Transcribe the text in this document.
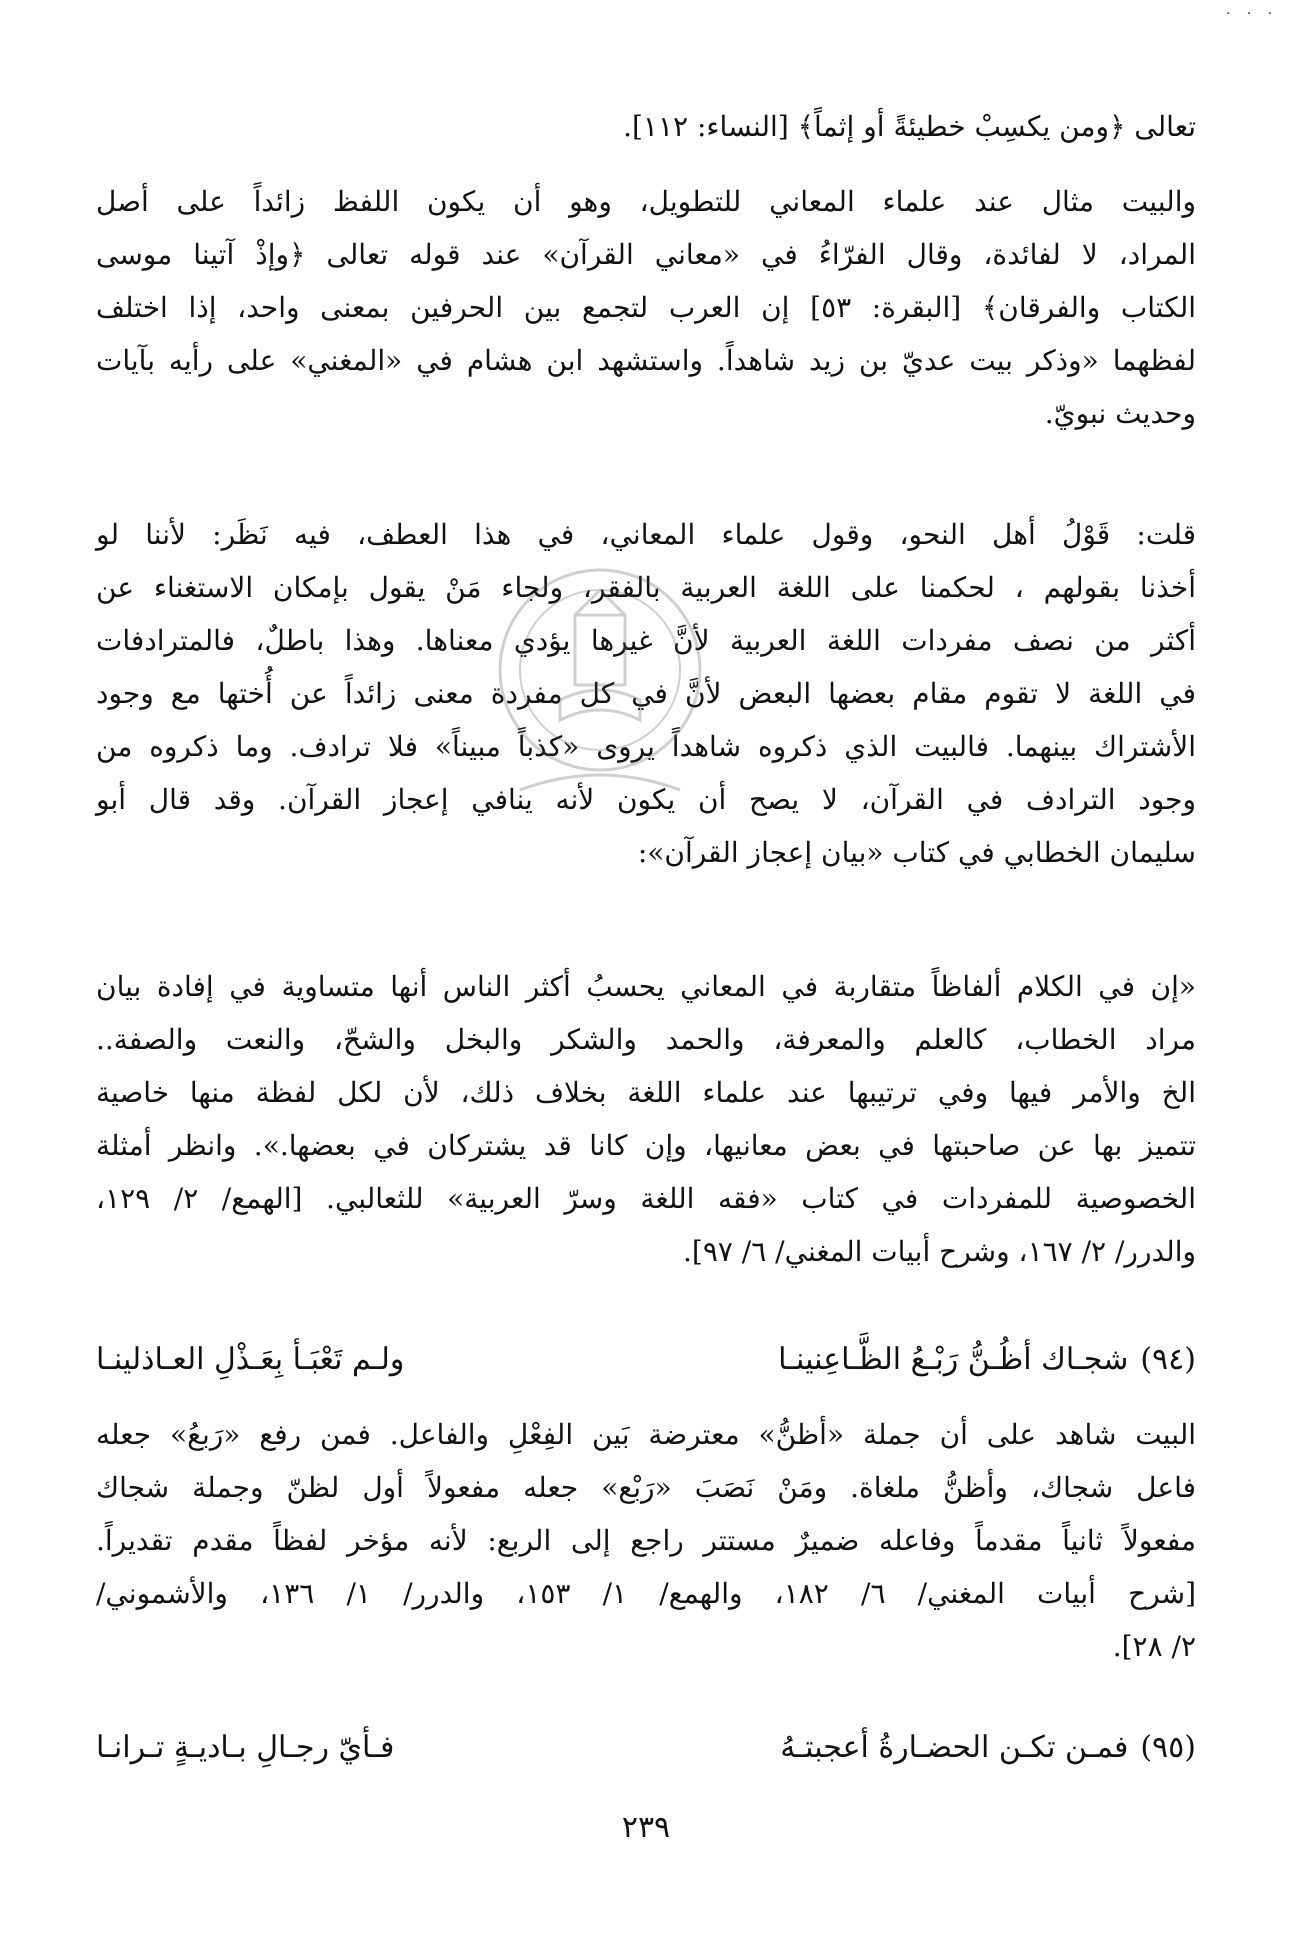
· · ·

تعالى ﴿ومن يكسِبْ خطيئةً أو إثماً﴾ [النساء: ١١٢].

والبيت مثال عند علماء المعاني للتطويل، وهو أن يكون اللفظ زائداً على أصل

المراد، لا لفائدة، وقال الفرّاءُ في «معاني القرآن» عند قوله تعالى ﴿وإذْ آتينا موسى

الكتاب والفرقان﴾ [البقرة: ٥٣] إن العرب لتجمع بين الحرفين بمعنى واحد، إذا اختلف

لفظهما «وذكر بيت عديّ بن زيد شاهداً. واستشهد ابن هشام في «المغني» على رأيه بآيات

وحديث نبويّ.

قلت: قَوْلُ أهل النحو، وقول علماء المعاني، في هذا العطف، فيه نَظَر: لأننا لو

أخذنا بقولهم ، لحكمنا على اللغة العربية بالفقر، ولجاء مَنْ يقول بإمكان الاستغناء عن

أكثر من نصف مفردات اللغة العربية لأنَّ غيرها يؤدي معناها. وهذا باطلٌ، فالمترادفات

في اللغة لا تقوم مقام بعضها البعض لأنَّ في كل مفردة معنى زائداً عن أُختها مع وجود

الأشتراك بينهما. فالبيت الذي ذكروه شاهداً يروى «كذباً مبيناً» فلا ترادف. وما ذكروه من

وجود الترادف في القرآن، لا يصح أن يكون لأنه ينافي إعجاز القرآن. وقد قال أبو

سليمان الخطابي في كتاب «بيان إعجاز القرآن»:

«إن في الكلام ألفاظاً متقاربة في المعاني يحسبُ أكثر الناس أنها متساوية في إفادة بيان

مراد الخطاب، كالعلم والمعرفة، والحمد والشكر والبخل والشحّ، والنعت والصفة..

الخ والأمر فيها وفي ترتيبها عند علماء اللغة بخلاف ذلك، لأن لكل لفظة منها خاصية

تتميز بها عن صاحبتها في بعض معانيها، وإن كانا قد يشتركان في بعضها.». وانظر أمثلة

الخصوصية للمفردات في كتاب «فقه اللغة وسرّ العربية» للثعالبي. [الهمع/ ٢/ ١٢٩،

والدرر/ ٢/ ١٦٧، وشرح أبيات المغني/ ٦/ ٩٧].

(٩٤)
شجـاك أظُـنُّ رَبْـعُ الظَّـاعِنينـا
ولـم تَعْبَـأ بِعَـذْلِ العـاذلينـا

البيت شاهد على أن جملة «أظنُّ» معترضة بَين الفِعْلِ والفاعل. فمن رفع «رَبعُ» جعله

فاعل شجاك، وأظنُّ ملغاة. ومَنْ نَصَبَ «رَبْع» جعله مفعولاً أول لظنّ وجملة شجاك

مفعولاً ثانياً مقدماً وفاعله ضميرٌ مستتر راجع إلى الربع: لأنه مؤخر لفظاً مقدم تقديراً.

[شرح أبيات المغني/ ٦/ ١٨٢، والهمع/ ١/ ١٥٣، والدرر/ ١/ ١٣٦، والأشموني/

٢/ ٢٨].

(٩٥)
فمـن تكـن الحضـارةُ أعجبتـهُ
فـأيّ رجـالِ بـاديـةٍ تـرانـا
٢٣٩
